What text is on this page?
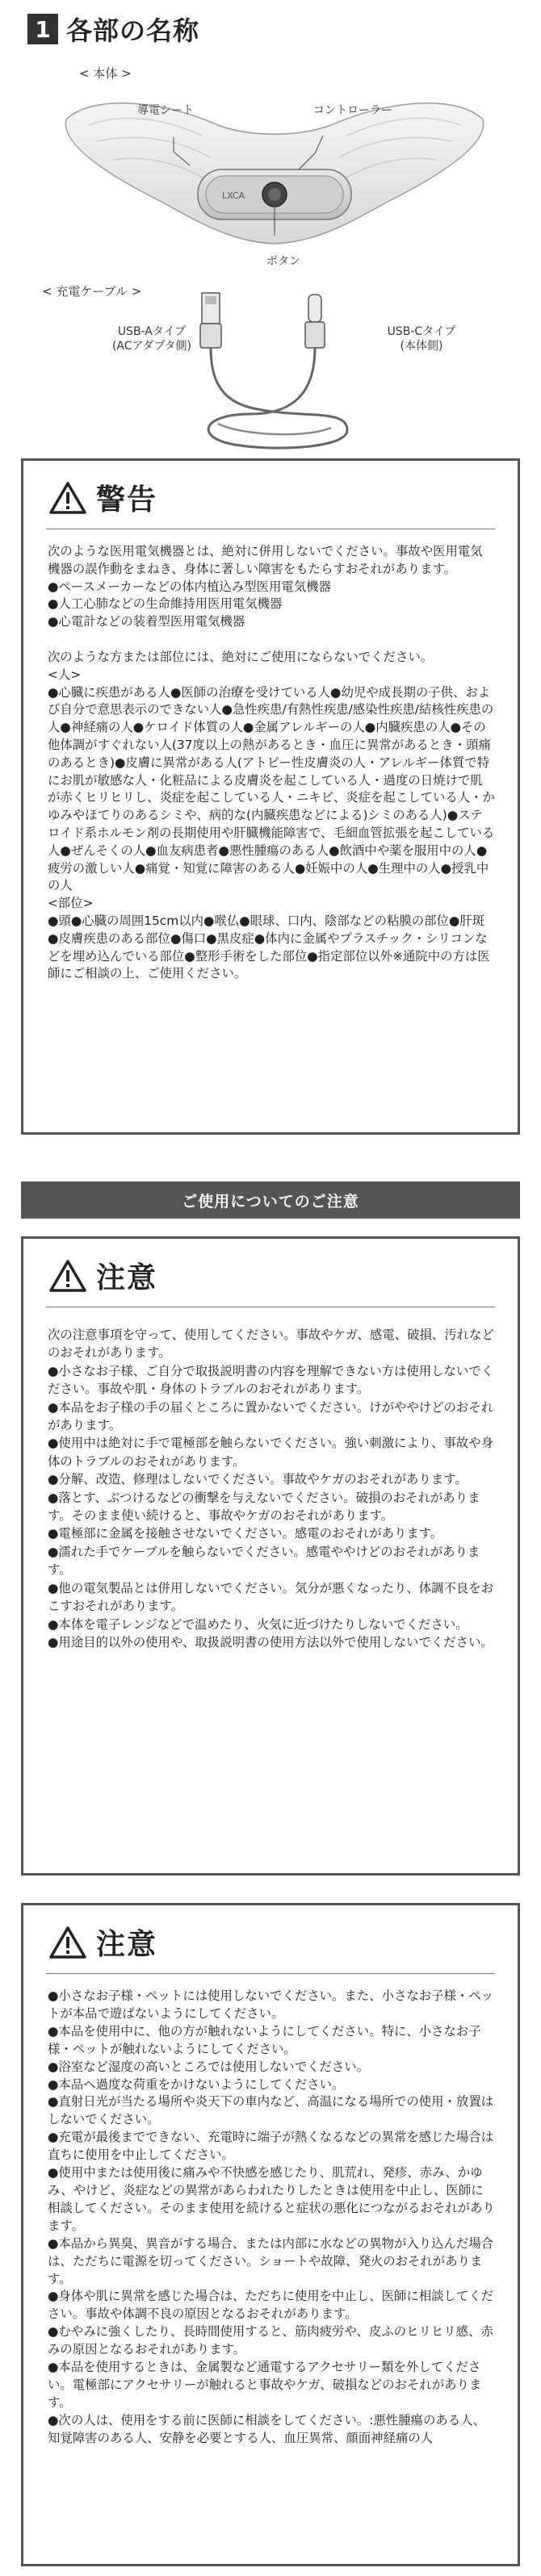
1 各部の名称
< 本体 >
LXCA
導電シート	コントローラー
ボタン
< 充電ケーブル >
USB-Aタイプ
(ACアダプタ側)
USB-Cタイプ
(本体側)
警告

次のような医用電気機器とは、絶対に併用しないでください。事故や医用電気機器の誤作動をまねき、身体に著しい障害をもたらすおそれがあります。
●ペースメーカーなどの体内植込み型医用電気機器
●人工心肺などの生命維持用医用電気機器
●心電計などの装着型医用電気機器

次のような方または部位には、絶対にご使用にならないでください。
<人>
●心臓に疾患がある人●医師の治療を受けている人●幼児や成長期の子供、および自分で意思表示のできない人●急性疾患/有熱性疾患/感染性疾患/結核性疾患の人●神経痛の人●ケロイド体質の人●金属アレルギーの人●内臓疾患の人●その他体調がすぐれない人(37度以上の熱があるとき・血圧に異常があるとき・頭痛のあるとき)●皮膚に異常がある人(アトピー性皮膚炎の人・アレルギー体質で特にお肌が敏感な人・化粧品による皮膚炎を起こしている人・過度の日焼けで肌が赤くヒリヒリし、炎症を起こしている人・ニキビ、炎症を起こしている人・かゆみやほてりのあるシミや、病的な(内臓疾患などによる)シミのある人)●ステロイド系ホルモン剤の長期使用や肝臓機能障害で、毛細血管拡張を起こしている人●ぜんそくの人●血友病患者●悪性腫瘍のある人●飲酒中や薬を服用中の人●疲労の激しい人●痛覚・知覚に障害のある人●妊娠中の人●生理中の人●授乳中の人
<部位>
●頭●心臓の周囲15cm以内●喉仏●眼球、口内、陰部などの粘膜の部位●肝斑●皮膚疾患のある部位●傷口●黒皮症●体内に金属やプラスチック・シリコンなどを埋め込んでいる部位●整形手術をした部位●指定部位以外※通院中の方は医師にご相談の上、ご使用ください。

ご使用についてのご注意
注意

次の注意事項を守って、使用してください。事故やケガ、感電、破損、汚れなどのおそれがあります。
●小さなお子様、ご自分で取扱説明書の内容を理解できない方は使用しないでください。事故や肌・身体のトラブルのおそれがあります。
●本品をお子様の手の届くところに置かないでください。けがややけどのおそれがあります。
●使用中は絶対に手で電極部を触らないでください。強い刺激により、事故や身体のトラブルのおそれがあります。
●分解、改造、修理はしないでください。事故やケガのおそれがあります。
●落とす、ぶつけるなどの衝撃を与えないでください。破損のおそれがあります。そのまま使い続けると、事故やケガのおそれがあります。
●電極部に金属を接触させないでください。感電のおそれがあります。
●濡れた手でケーブルを触らないでください。感電ややけどのおそれがあります。
●他の電気製品とは併用しないでください。気分が悪くなったり、体調不良をおこすおそれがあります。
●本体を電子レンジなどで温めたり、火気に近づけたりしないでください。
●用途目的以外の使用や、取扱説明書の使用方法以外で使用しないでください。

注意

●小さなお子様・ペットには使用しないでください。また、小さなお子様・ペットが本品で遊ばないようにしてください。
●本品を使用中に、他の方が触れないようにしてください。特に、小さなお子様・ペットが触れないようにしてください。
●浴室など湿度の高いところでは使用しないでください。
●本品へ過度な荷重をかけないようにしてください。
●直射日光が当たる場所や炎天下の車内など、高温になる場所での使用・放置はしないでください。
●充電が最後までできない、充電時に端子が熱くなるなどの異常を感じた場合は直ちに使用を中止してください。
●使用中または使用後に痛みや不快感を感じたり、肌荒れ、発疹、赤み、かゆみ、やけど、炎症などの異常があらわれたりしたときは使用を中止し、医師に相談してください。そのまま使用を続けると症状の悪化につながるおそれがあります。
●本品から異臭、異音がする場合、または内部に水などの異物が入り込んだ場合は、ただちに電源を切ってください。ショートや故障、発火のおそれがあります。
●身体や肌に異常を感じた場合は、ただちに使用を中止し、医師に相談してください。事故や体調不良の原因となるおそれがあります。
●むやみに強くしたり、長時間使用すると、筋肉疲労や、皮ふのヒリヒリ感、赤みの原因となるおそれがあります。
●本品を使用するときは、金属製など通電するアクセサリー類を外してください。電極部にアクセサリーが触れると事故やケガ、破損などのおそれがあります。
●次の人は、使用をする前に医師に相談をしてください。:悪性腫瘍のある人、知覚障害のある人、安静を必要とする人、血圧異常、顔面神経痛の人
